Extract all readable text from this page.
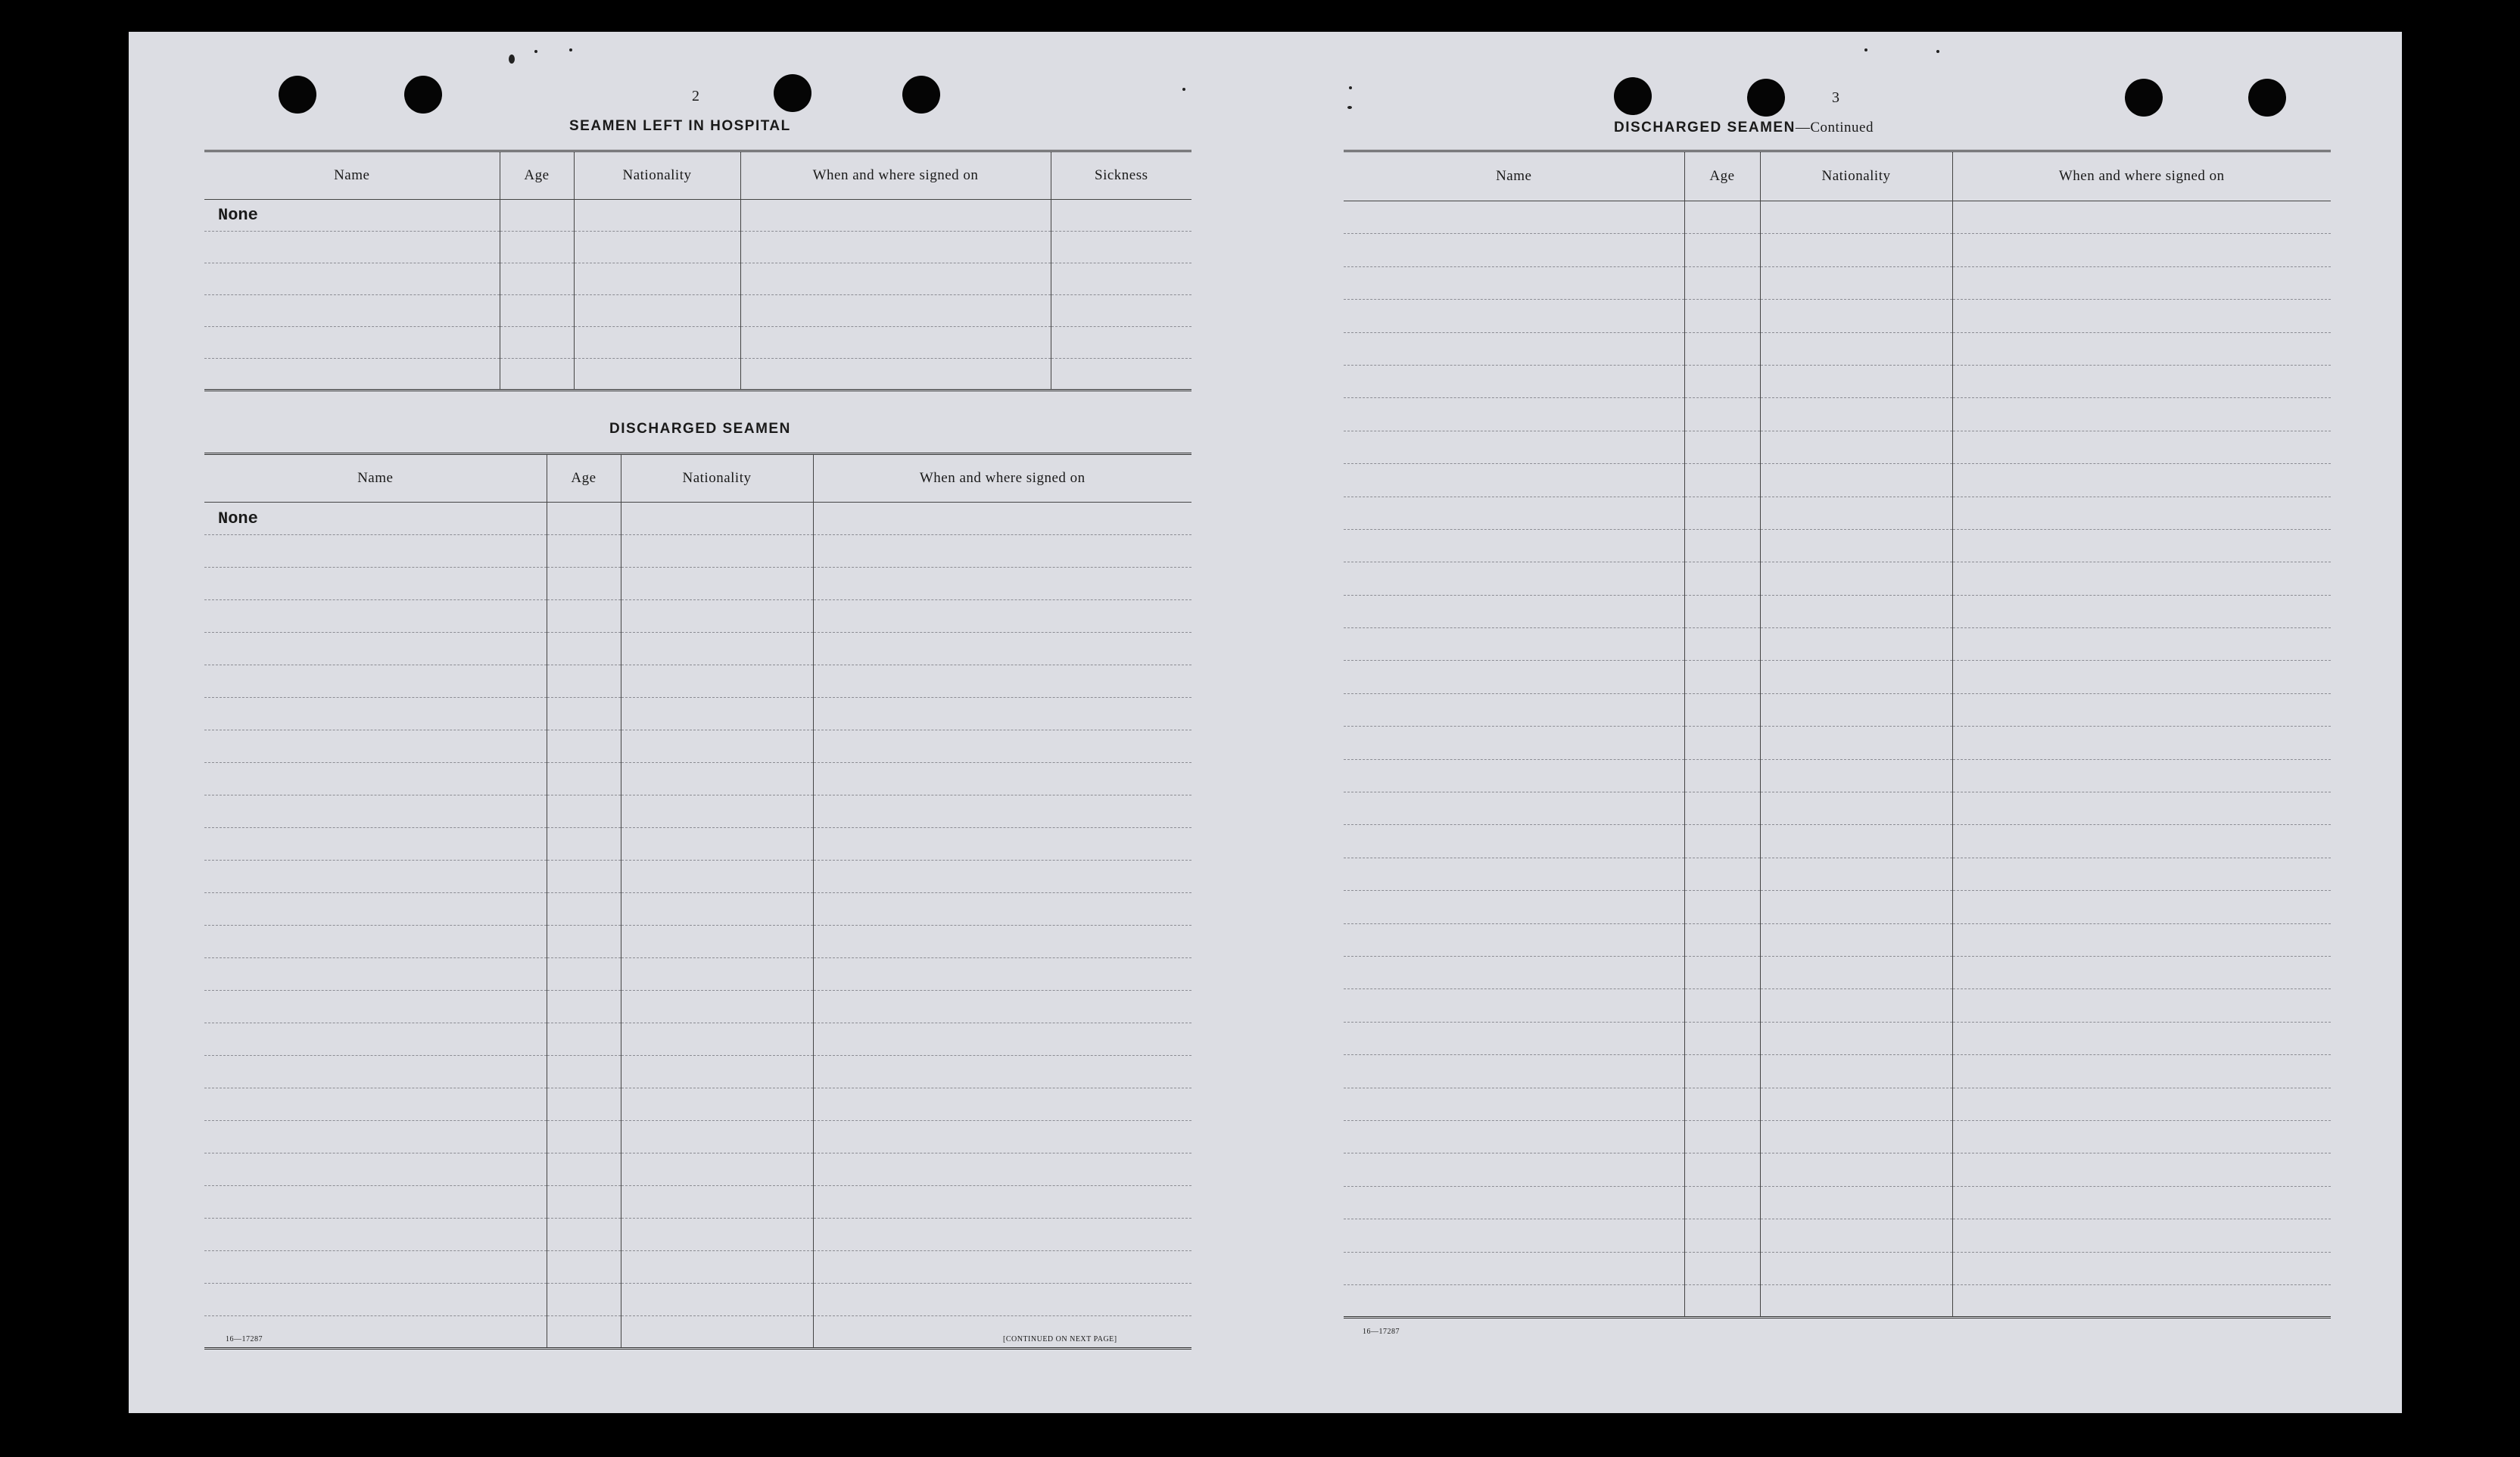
2
SEAMEN LEFT IN HOSPITAL
Name	Age	Nationality	When and where signed on	Sickness
None				

DISCHARGED SEAMEN
Name	Age	Nationality	When and where signed on
None			

16—17287	[CONTINUED ON NEXT PAGE]
3
DISCHARGED SEAMEN—Continued
Name	Age	Nationality	When and where signed on

16—17287
